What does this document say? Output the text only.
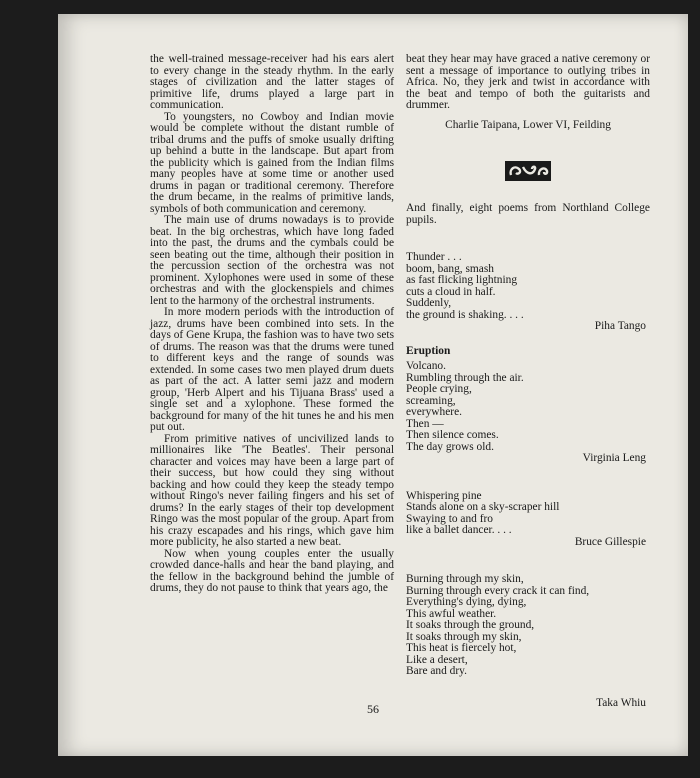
the well-trained message-receiver had his ears alert to every change in the steady rhythm. In the early stages of civilization and the latter stages of primitive life, drums played a large part in communication.

To youngsters, no Cowboy and Indian movie would be complete without the distant rumble of tribal drums and the puffs of smoke usually drifting up behind a butte in the landscape. But apart from the publicity which is gained from the Indian films many peoples have at some time or another used drums in pagan or traditional ceremony. Therefore the drum became, in the realms of primitive lands, symbols of both communication and ceremony.

The main use of drums nowadays is to provide beat. In the big orchestras, which have long faded into the past, the drums and the cymbals could be seen beating out the time, although their position in the percussion section of the orchestra was not prominent. Xylophones were used in some of these orchestras and with the glockenspiels and chimes lent to the harmony of the orchestral instruments.

In more modern periods with the introduction of jazz, drums have been combined into sets. In the days of Gene Krupa, the fashion was to have two sets of drums. The reason was that the drums were tuned to different keys and the range of sounds was extended. In some cases two men played drum duets as part of the act. A latter semi jazz and modern group, 'Herb Alpert and his Tijuana Brass' used a single set and a xylophone. These formed the background for many of the hit tunes he and his men put out.

From primitive natives of uncivilized lands to millionaires like 'The Beatles'. Their personal character and voices may have been a large part of their success, but how could they sing without backing and how could they keep the steady tempo without Ringo's never failing fingers and his set of drums? In the early stages of their top development Ringo was the most popular of the group. Apart from his crazy escapades and his rings, which gave him more publicity, he also started a new beat.

Now when young couples enter the usually crowded dance-halls and hear the band playing, and the fellow in the background behind the jumble of drums, they do not pause to think that years ago, the

beat they hear may have graced a native ceremony or sent a message of importance to outlying tribes in Africa. No, they jerk and twist in accordance with the beat and tempo of both the guitarists and drummer.

Charlie Taipana, Lower VI, Feilding

And finally, eight poems from Northland College pupils.

Thunder . . .
boom, bang, smash
as fast flicking lightning
cuts a cloud in half.
Suddenly,
the ground is shaking. . . .

Piha Tango

Eruption
Volcano.
Rumbling through the air.
People crying,
screaming,
everywhere.
Then —
Then silence comes.
The day grows old.

Virginia Leng

Whispering pine
Stands alone on a sky-scraper hill
Swaying to and fro
like a ballet dancer. . . .

Bruce Gillespie

Burning through my skin,
Burning through every crack it can find,
Everything's dying, dying,
This awful weather.
It soaks through the ground,
It soaks through my skin,
This heat is fiercely hot,
Like a desert,
Bare and dry.

Taka Whiu

56
